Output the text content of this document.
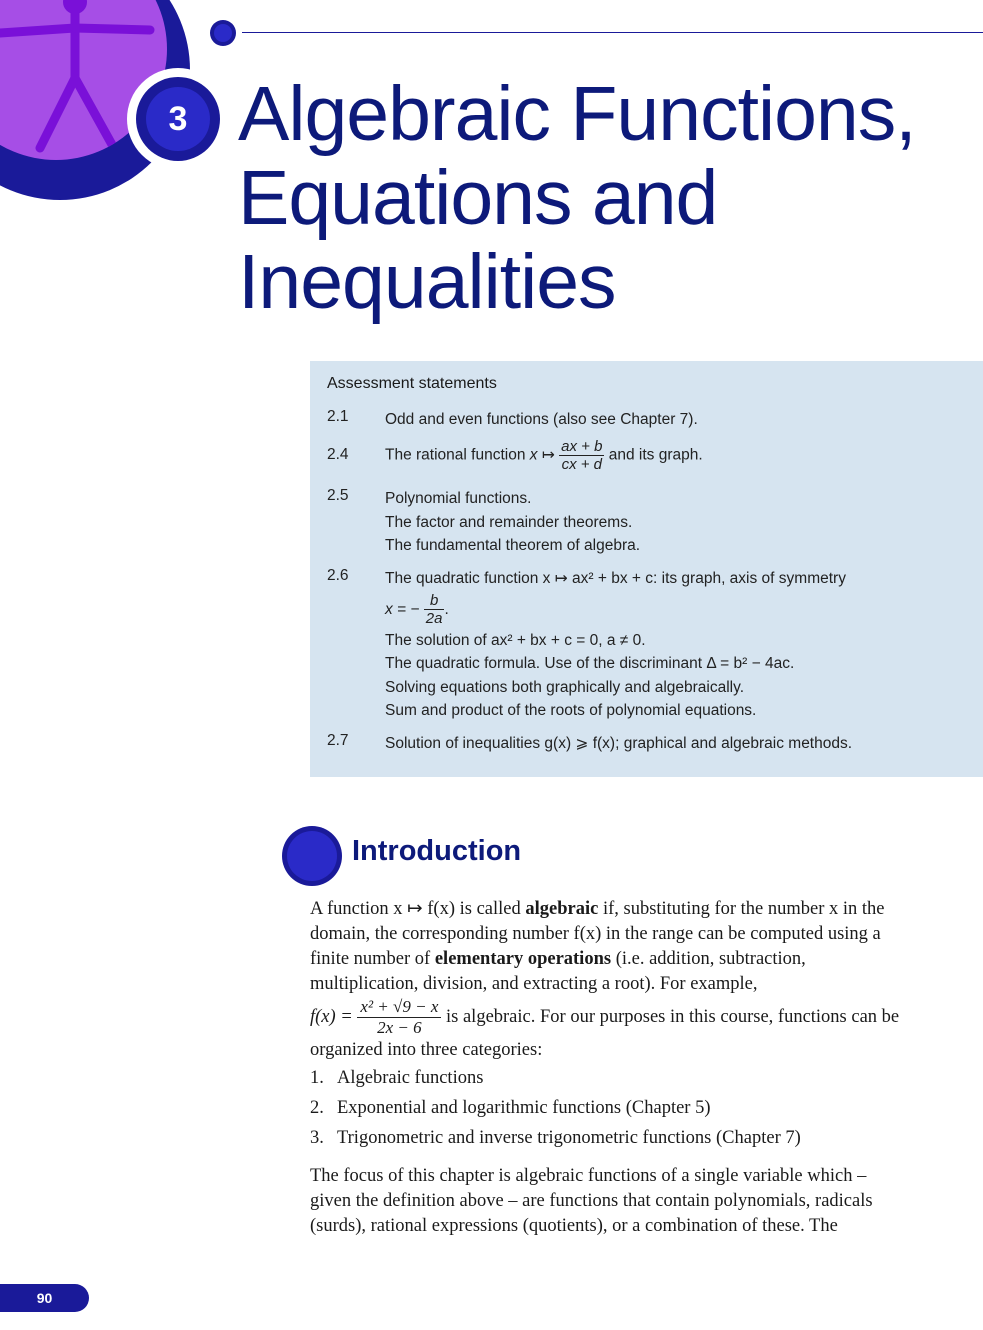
3 Algebraic Functions,
Equations and
Inequalities
Assessment statements
2.1	Odd and even functions (also see Chapter 7).
2.4	The rational function x ↦ $\frac{ax + b}{cx + d}$ and its graph.
2.5	Polynomial functions.
The factor and remainder theorems.
The fundamental theorem of algebra.
2.6	The quadratic function x ↦ ax² + bx + c: its graph, axis of symmetry
x = − $\frac{b}{2a}$ .
The solution of ax² + bx + c = 0, a ≠ 0.
The quadratic formula. Use of the discriminant Δ = b² − 4ac.
Solving equations both graphically and algebraically.
Sum and product of the roots of polynomial equations.
2.7	Solution of inequalities g(x) ⩾ f(x); graphical and algebraic methods.
Introduction
A function x ↦ f(x) is called algebraic if, substituting for the number x in the domain, the corresponding number f(x) in the range can be computed using a finite number of elementary operations (i.e. addition, subtraction, multiplication, division, and extracting a root). For example,
$f(x) = \frac{\text{x² + √9 − x}}{2x - 6}$ is algebraic. For our purposes in this course, functions can be organized into three categories:
1. Algebraic functions
2. Exponential and logarithmic functions (Chapter 5)
3. Trigonometric and inverse trigonometric functions (Chapter 7)
The focus of this chapter is algebraic functions of a single variable which – given the definition above – are functions that contain polynomials, radicals (surds), rational expressions (quotients), or a combination of these. The
90
